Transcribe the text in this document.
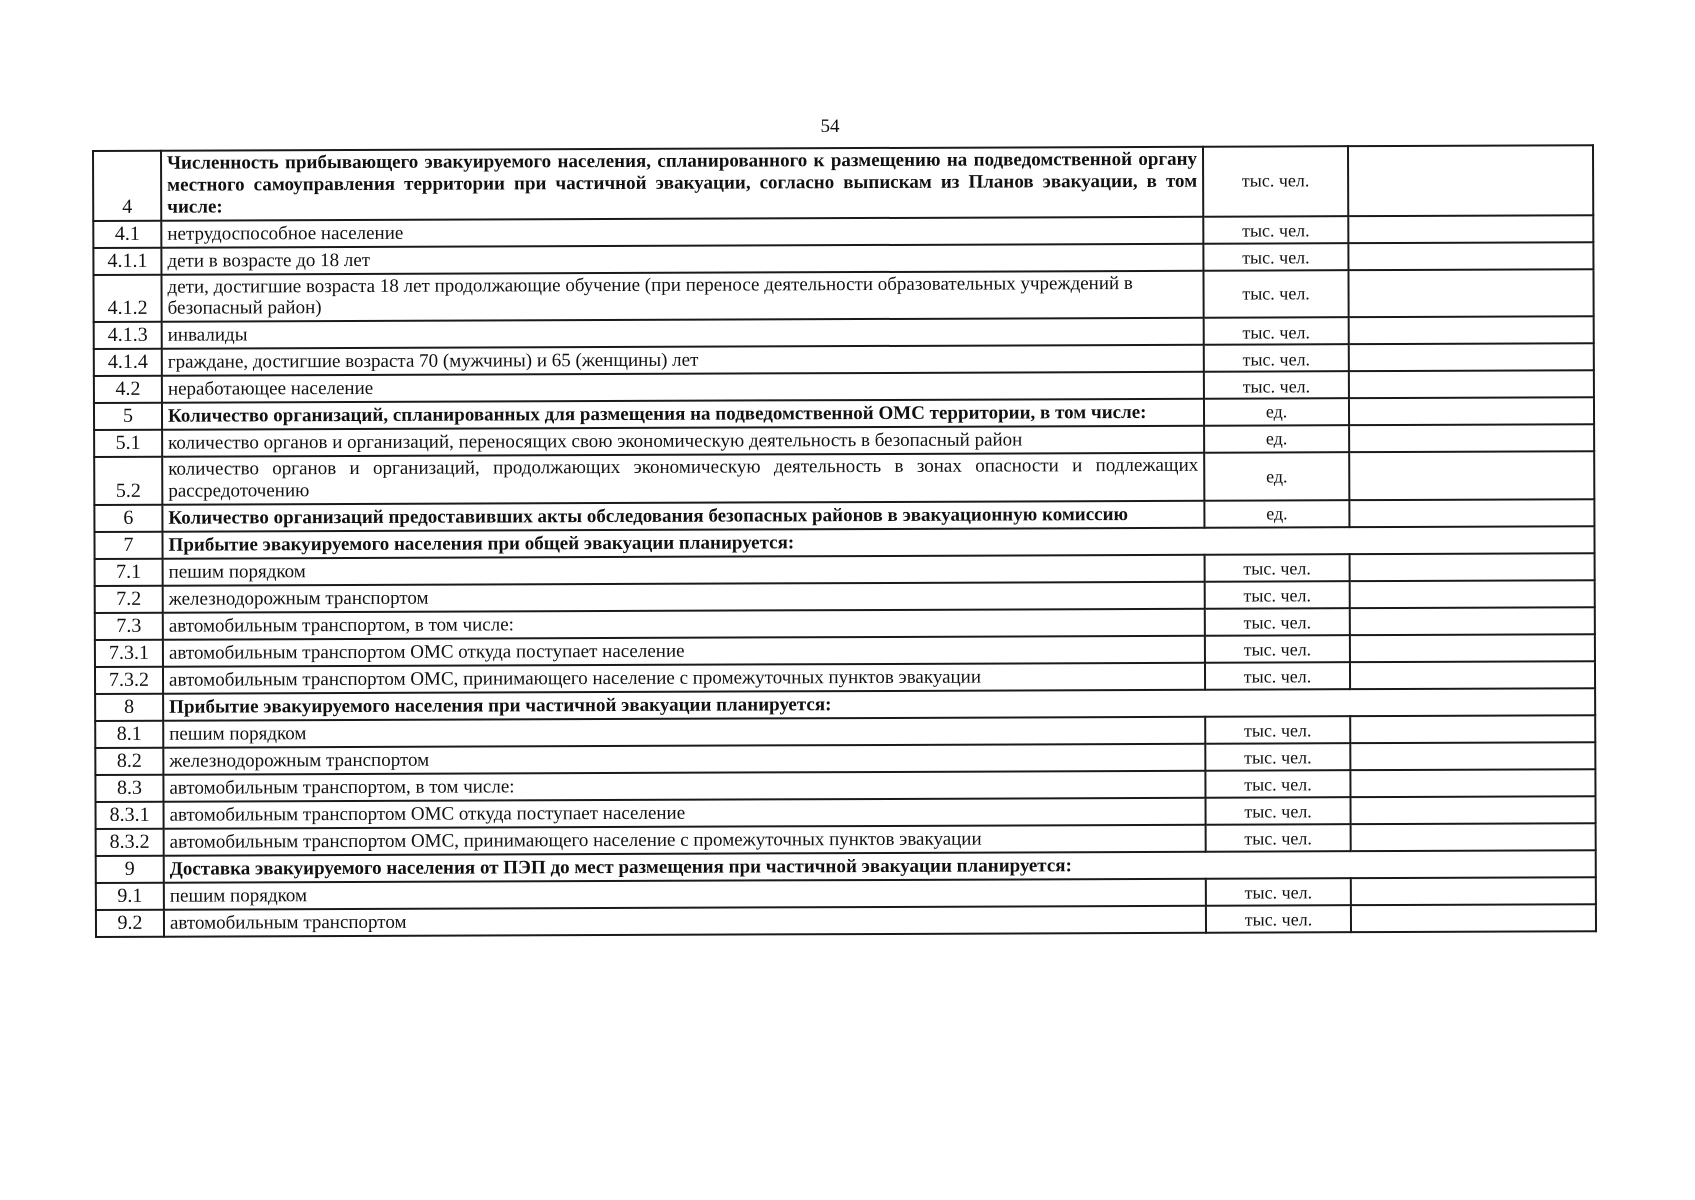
54
4	Численность прибывающего эвакуируемого населения, спланированного к размещению на подведомственной органу местного самоуправления территории при частичной эвакуации, согласно выпискам из Планов эвакуации, в том числе:	тыс. чел.	
4.1	нетрудоспособное население	тыс. чел.	
4.1.1	дети в возрасте до 18 лет	тыс. чел.	
4.1.2	дети, достигшие возраста 18 лет продолжающие обучение (при переносе деятельности образовательных учреждений в безопасный район)	тыс. чел.	
4.1.3	инвалиды	тыс. чел.	
4.1.4	граждане, достигшие возраста 70 (мужчины) и 65 (женщины) лет	тыс. чел.	
4.2	неработающее население	тыс. чел.	
5	Количество организаций, спланированных для размещения на подведомственной ОМС территории, в том числе:	ед.	
5.1	количество органов и организаций, переносящих свою экономическую деятельность в безопасный район	ед.	
5.2	количество органов и организаций, продолжающих экономическую деятельность в зонах опасности и подлежащих рассредоточению	ед.	
6	Количество организаций предоставивших акты обследования безопасных районов в эвакуационную комиссию	ед.	
7	Прибытие эвакуируемого населения при общей эвакуации планируется:		
7.1	пешим порядком	тыс. чел.	
7.2	железнодорожным транспортом	тыс. чел.	
7.3	автомобильным транспортом, в том числе:	тыс. чел.	
7.3.1	автомобильным транспортом ОМС откуда поступает население	тыс. чел.	
7.3.2	автомобильным транспортом ОМС, принимающего население с промежуточных пунктов эвакуации	тыс. чел.	
8	Прибытие эвакуируемого населения при частичной эвакуации планируется:		
8.1	пешим порядком	тыс. чел.	
8.2	железнодорожным транспортом	тыс. чел.	
8.3	автомобильным транспортом, в том числе:	тыс. чел.	
8.3.1	автомобильным транспортом ОМС откуда поступает население	тыс. чел.	
8.3.2	автомобильным транспортом ОМС, принимающего население с промежуточных пунктов эвакуации	тыс. чел.	
9	Доставка эвакуируемого населения от ПЭП до мест размещения при частичной эвакуации планируется:		
9.1	пешим порядком	тыс. чел.	
9.2	автомобильным транспортом	тыс. чел.	
